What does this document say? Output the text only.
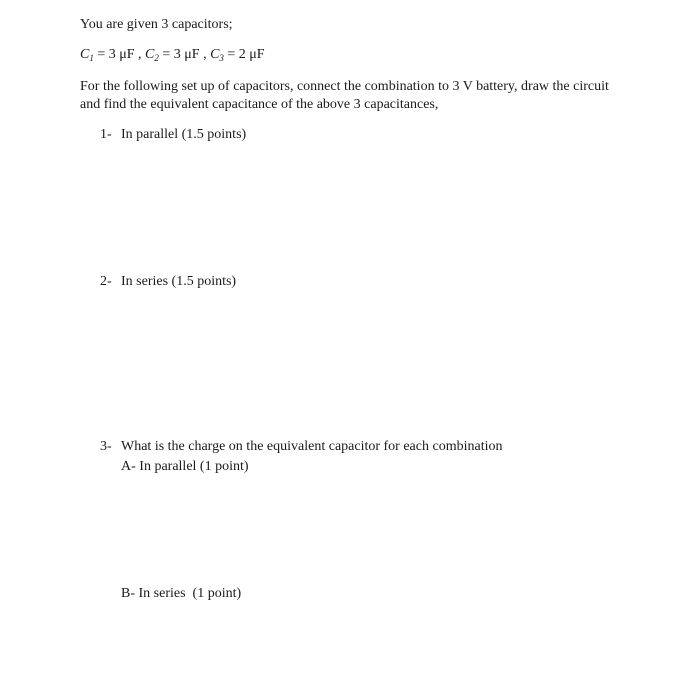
You are given 3 capacitors;
$C_1 = 3$ μF , $C_2 = 3$ μF , $C_3 = 2$ μF
For the following set up of capacitors, connect the combination to 3 V battery, draw the circuit
and find the equivalent capacitance of the above 3 capacitances,
1- In parallel (1.5 points)
2- In series (1.5 points)
3- What is the charge on the equivalent capacitor for each combination
A- In parallel (1 point)
B- In series  (1 point)
